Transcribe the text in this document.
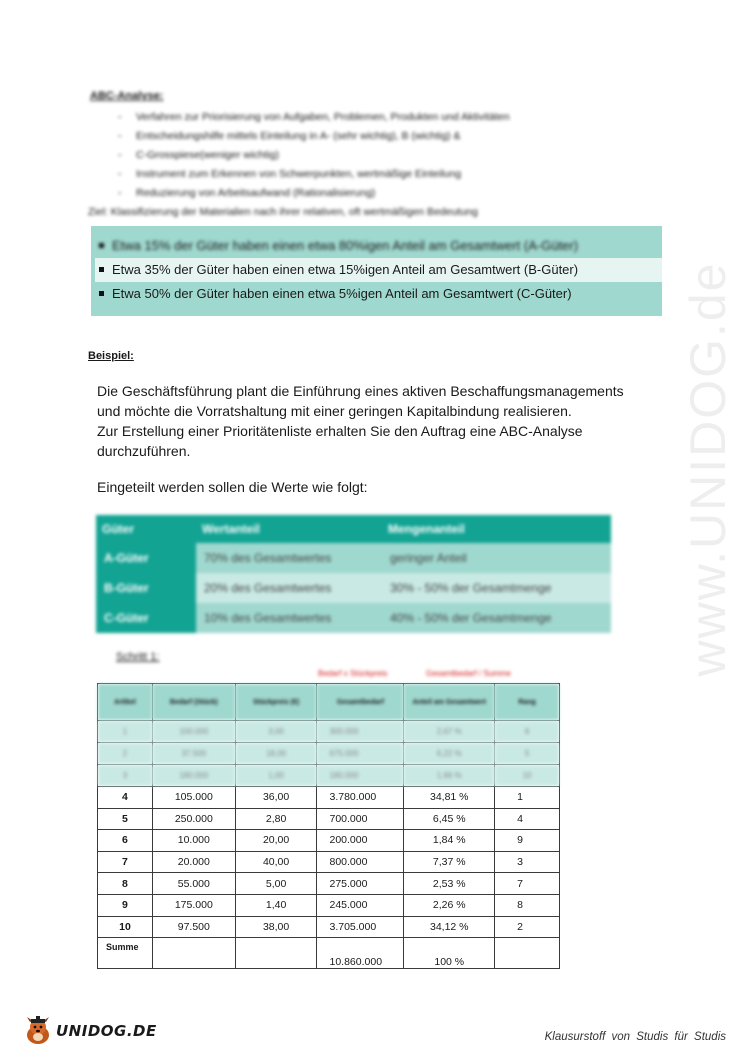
ABC-Analyse:
- Verfahren zur Priorisierung von Aufgaben, Problemen, Produkten und Aktivitäten
- Entscheidungshilfe mittels Einteilung in A- (sehr wichtig), B (wichtig) &
- C-Grosspiese(weniger wichtig)
- Instrument zum Erkennen von Schwerpunkten, wertmäßige Einteilung
- Reduzierung von Arbeitsaufwand (Rationalisierung)
Ziel: Klassifizierung der Materialien nach ihrer relativen, oft wertmäßigen Bedeutung
Etwa 15% der Güter haben einen etwa 80%igen Anteil am Gesamtwert (A-Güter)
Etwa 35% der Güter haben einen etwa 15%igen Anteil am Gesamtwert (B-Güter)
Etwa 50% der Güter haben einen etwa 5%igen Anteil am Gesamtwert (C-Güter)
Beispiel:
Die Geschäftsführung plant die Einführung eines aktiven Beschaffungsmanagements
und möchte die Vorratshaltung mit einer geringen Kapitalbindung realisieren.
Zur Erstellung einer Prioritätenliste erhalten Sie den Auftrag eine ABC-Analyse
durchzuführen.
Eingeteilt werden sollen die Werte wie folgt:
Güter	Wertanteil	Mengenanteil
A-Güter	70% des Gesamtwertes	geringer Anteil
B-Güter	20% des Gesamtwertes	30% - 50% der Gesamtmenge
C-Güter	10% des Gesamtwertes	40% - 50% der Gesamtmenge
Schritt 1:
Bedarf x Stückpreis	Gesamtbedarf / Summe
Artikel	Bedarf (Stück)	Stückpreis (€)	Gesamtbedarf	Anteil am Gesamtwert	Rang
1	100.000	3,00	300.000	2,67 %	6
2	37.500	18,00	675.000	6,22 %	5
3	180.000	1,00	180.000	1,66 %	10
4	105.000	36,00	3.780.000	34,81 %	1
5	250.000	2,80	700.000	6,45 %	4
6	10.000	20,00	200.000	1,84 %	9
7	20.000	40,00	800.000	7,37 %	3
8	55.000	5,00	275.000	2,53 %	7
9	175.000	1,40	245.000	2,26 %	8
10	97.500	38,00	3.705.000	34,12 %	2
Summe			10.860.000	100 %	
www.UNIDOG.de
UNIDOG.DE	Klausurstoff von Studis für Studis
